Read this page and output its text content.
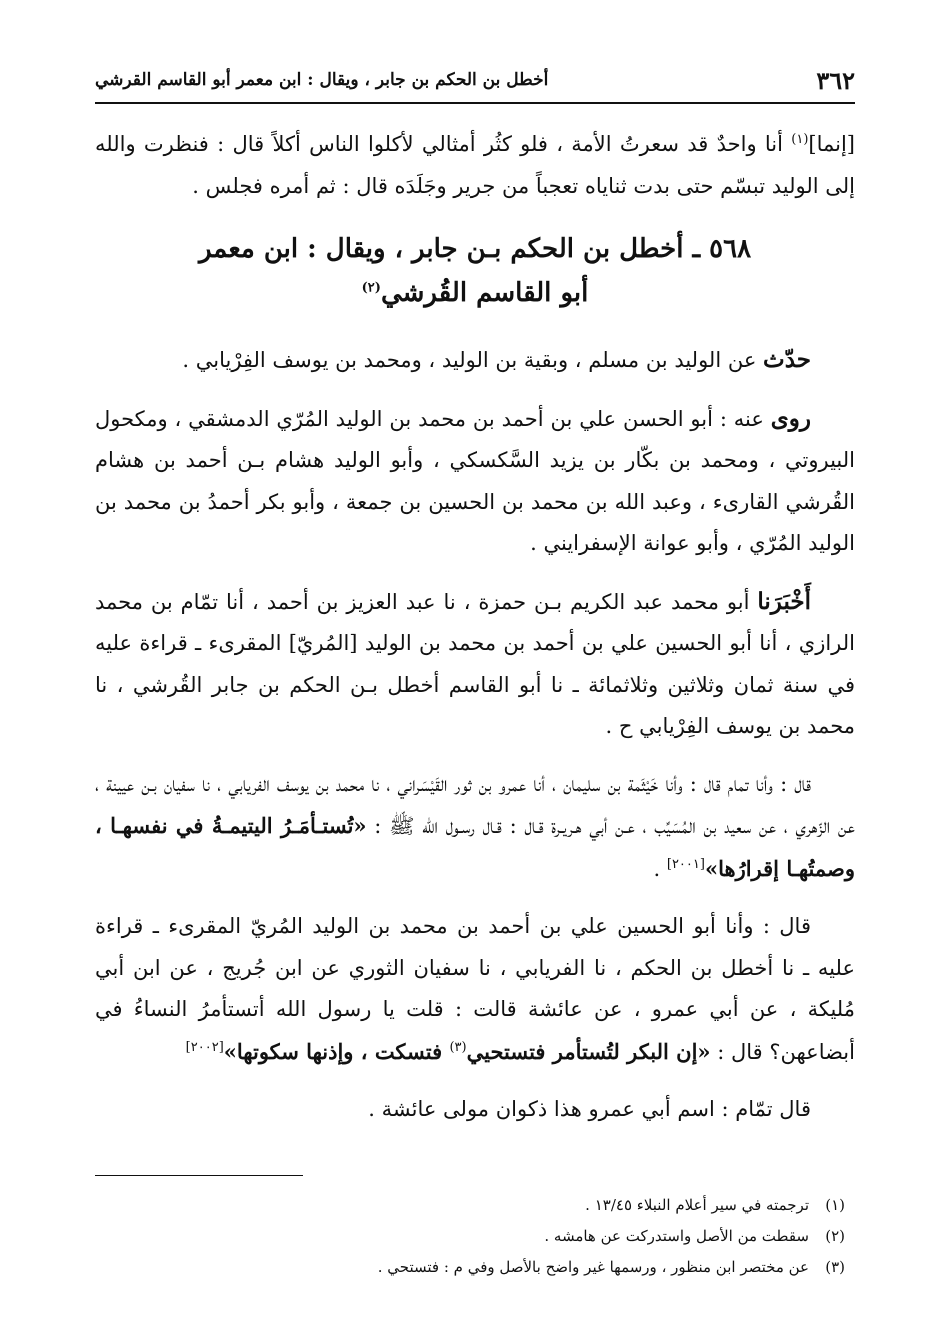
٣٦٢
أخطل بن الحكم بن جابر ، ويقال : ابن معمر أبو القاسم القرشي

[إنما]$^{(١)}$ أنا واحدٌ قد سعرتُ الأمة ، فلو كثُر أمثالي لأكلوا الناس أكلاً قال : فنظرت والله إلى الوليد تبسّم حتى بدت ثناياه تعجباً من جرير وجَلَدَه قال : ثم أمره فجلس .

٥٦٨ ـ أخطل بن الحكم بـن جابر ، ويقال : ابن معمر
أبو القاسم القُرشي$^{(٢)}$

حدّث عن الوليد بن مسلم ، وبقية بن الوليد ، ومحمد بن يوسف الفِرْيابي .

روى عنه : أبو الحسن علي بن أحمد بن محمد بن الوليد المُرّي الدمشقي ، ومكحول البيروتي ، ومحمد بن بكّار بن يزيد السَّكسكي ، وأبو الوليد هشام بـن أحمد بن هشام القُرشي القارىء ، وعبد الله بن محمد بن الحسين بن جمعة ، وأبو بكر أحمدُ بن محمد بن الوليد المُرّي ، وأبو عوانة الإسفرايني .

أَخْبَرَنا أبو محمد عبد الكريم بـن حمزة ، نا عبد العزيز بن أحمد ، أنا تمّام بن محمد الرازي ، أنا أبو الحسين علي بن أحمد بن محمد بن الوليد [المُريّ] المقرىء ـ قراءة عليه في سنة ثمان وثلاثين وثلاثمائة ـ نا أبو القاسم أخطل بـن الحكم بن جابر القُرشي ، نا محمد بن يوسف الفِرْيابي ح .

قال : وأنا تمام قال : وأنا خَيْثَمة بن سليمان ، أنا عمرو بن ثور القَيْسَراني ، نا محمد بن يوسف الفريابي ، نا سفيان بـن عيينة ، عن الزّهري ، عن سعيد بن المُسَيِّب ، عـن أبي هـريـرة قـال : قـال رسـول الله ﷺ : «تُستـأمَـرُ اليتيمـةُ في نفسهـا ، وصمتُهـا إقرارُها»[٢٠٠١] .

قال : وأنا أبو الحسين علي بن أحمد بن محمد بن الوليد المُريّ المقرىء ـ قراءة عليه ـ نا أخطل بن الحكم ، نا الفريابي ، نا سفيان الثوري عن ابن جُريج ، عن ابن أبي مُليكة ، عن أبي عمرو ، عن عائشة قالت : قلت يا رسول الله أتستأمرُ النساءُ في أبضاعهن؟ قال : «إن البكر لتُستأمر فتستحيي$^{(٣)}$ فتسكت ، وإذنها سكوتها»[٢٠٠٢]

قال تمّام : اسم أبي عمرو هذا ذكوان مولى عائشة .

(١)ترجمته في سير أعلام النبلاء ١٣/٤٥ .
(٢)سقطت من الأصل واستدركت عن هامشه .
(٣)عن مختصر ابن منظور ، ورسمها غير واضح بالأصل وفي م : فتستحي .
